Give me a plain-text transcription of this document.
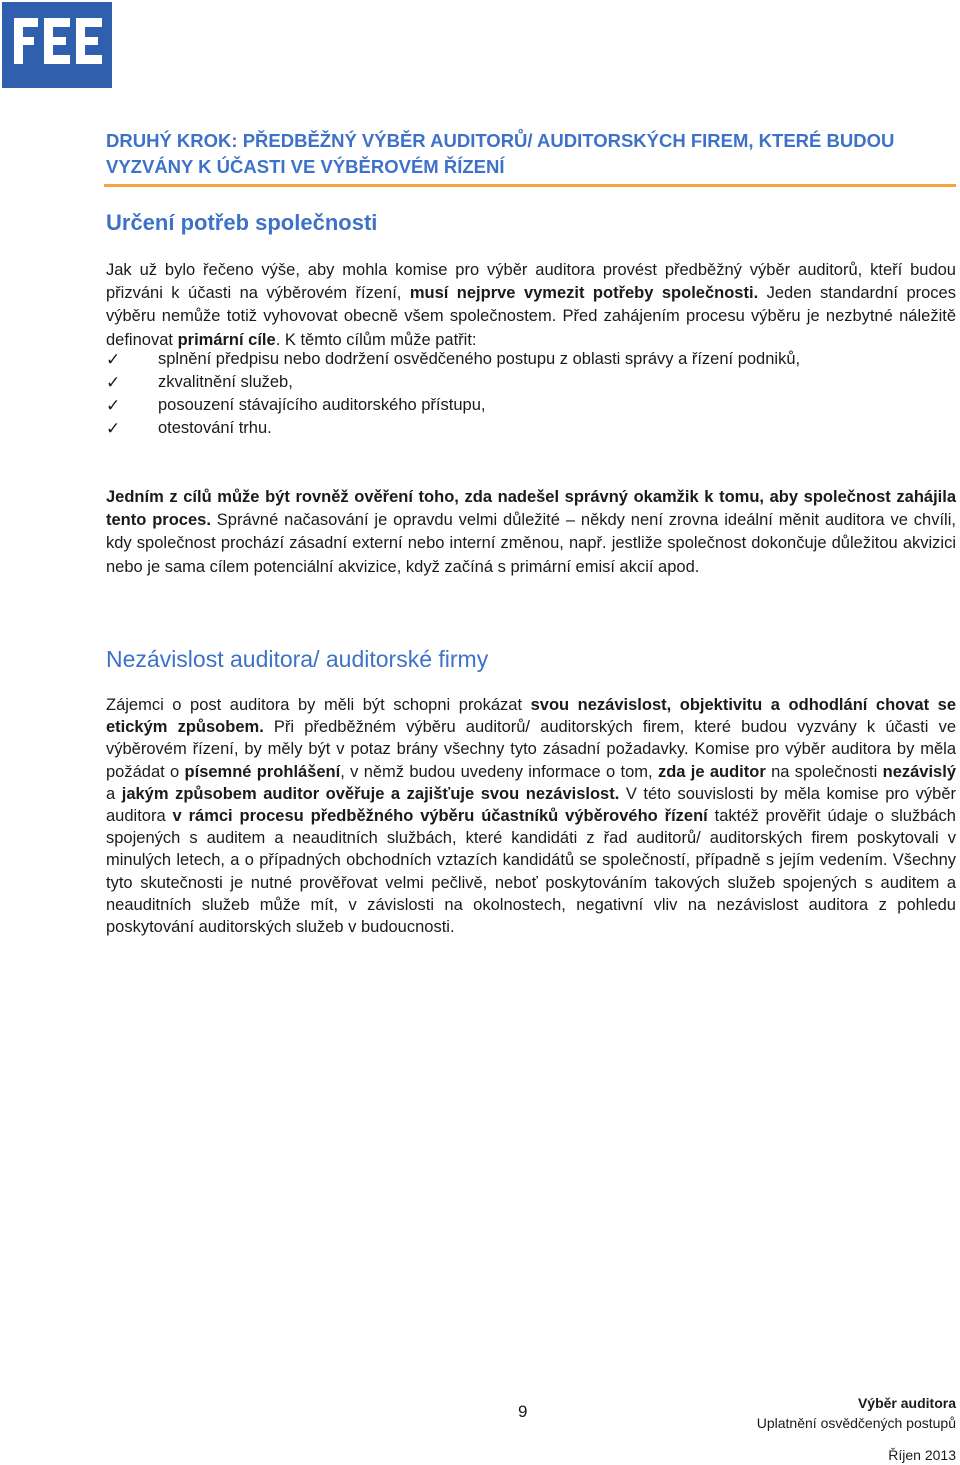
DRUHÝ KROK: PŘEDBĚŽNÝ VÝBĚR AUDITORŮ/ AUDITORSKÝCH FIREM, KTERÉ BUDOU VYZVÁNY K ÚČASTI VE VÝBĚROVÉM ŘÍZENÍ
Určení potřeb společnosti

Jak už bylo řečeno výše, aby mohla komise pro výběr auditora provést předběžný výběr auditorů, kteří budou přizváni k účasti na výběrovém řízení, musí nejprve vymezit potřeby společnosti. Jeden standardní proces výběru nemůže totiž vyhovovat obecně všem společnostem. Před zahájením procesu výběru je nezbytné náležitě definovat primární cíle. K těmto cílům může patřit:

✓ splnění předpisu nebo dodržení osvědčeného postupu z oblasti správy a řízení podniků,
✓ zkvalitnění služeb,
✓ posouzení stávajícího auditorského přístupu,
✓ otestování trhu.

Jedním z cílů může být rovněž ověření toho, zda nadešel správný okamžik k tomu, aby společnost zahájila tento proces. Správné načasování je opravdu velmi důležité – někdy není zrovna ideální měnit auditora ve chvíli, kdy společnost prochází zásadní externí nebo interní změnou, např. jestliže společnost dokončuje důležitou akvizici nebo je sama cílem potenciální akvizice, když začíná s primární emisí akcií apod.

Nezávislost auditora/ auditorské firmy

Zájemci o post auditora by měli být schopni prokázat svou nezávislost, objektivitu a odhodlání chovat se etickým způsobem. Při předběžném výběru auditorů/ auditorských firem, které budou vyzvány k účasti ve výběrovém řízení, by měly být v potaz brány všechny tyto zásadní požadavky. Komise pro výběr auditora by měla požádat o písemné prohlášení, v němž budou uvedeny informace o tom, zda je auditor na společnosti nezávislý a jakým způsobem auditor ověřuje a zajišťuje svou nezávislost. V této souvislosti by měla komise pro výběr auditora v rámci procesu předběžného výběru účastníků výběrového řízení taktéž prověřit údaje o službách spojených s auditem a neauditních službách, které kandidáti z řad auditorů/ auditorských firem poskytovali v minulých letech, a o případných obchodních vztazích kandidátů se společností, případně s jejím vedením. Všechny tyto skutečnosti je nutné prověřovat velmi pečlivě, neboť poskytováním takových služeb spojených s auditem a neauditních služeb může mít, v závislosti na okolnostech, negativní vliv na nezávislost auditora z pohledu poskytování auditorských služeb v budoucnosti.

9	Výběr auditora
Uplatnění osvědčených postupů
Říjen 2013
